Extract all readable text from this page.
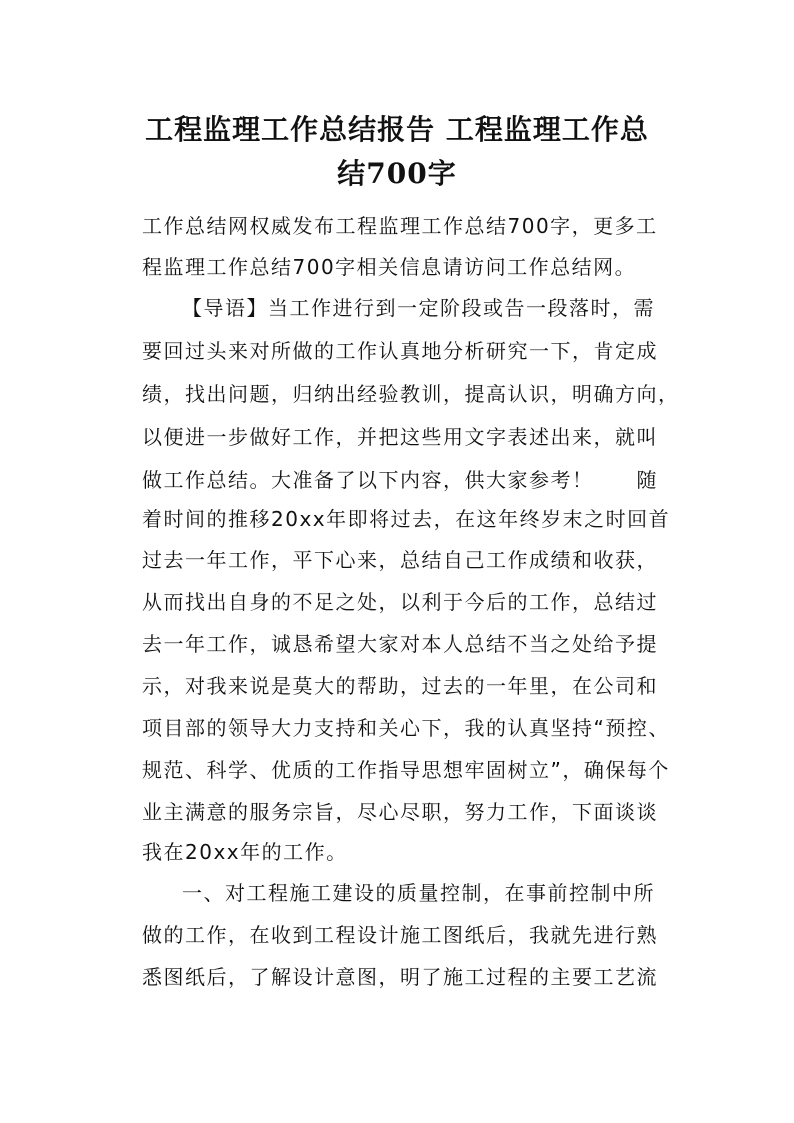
工程监理工作总结报告 工程监理工作总
结700字
工作总结网权威发布工程监理工作总结700字，更多工
程监理工作总结700字相关信息请访问工作总结网。
【导语】当工作进行到一定阶段或告一段落时，需
要回过头来对所做的工作认真地分析研究一下，肯定成
绩，找出问题，归纳出经验教训，提高认识，明确方向，
以便进一步做好工作，并把这些用文字表述出来，就叫
做工作总结。大准备了以下内容，供大家参考！　　随
着时间的推移20xx年即将过去，在这年终岁末之时回首
过去一年工作，平下心来，总结自己工作成绩和收获，
从而找出自身的不足之处，以利于今后的工作，总结过
去一年工作，诚恳希望大家对本人总结不当之处给予提
示，对我来说是莫大的帮助，过去的一年里，在公司和
项目部的领导大力支持和关心下，我的认真坚持“预控、
规范、科学、优质的工作指导思想牢固树立”，确保每个
业主满意的服务宗旨，尽心尽职，努力工作，下面谈谈
我在20xx年的工作。
一、对工程施工建设的质量控制，在事前控制中所
做的工作，在收到工程设计施工图纸后，我就先进行熟
悉图纸后，了解设计意图，明了施工过程的主要工艺流
